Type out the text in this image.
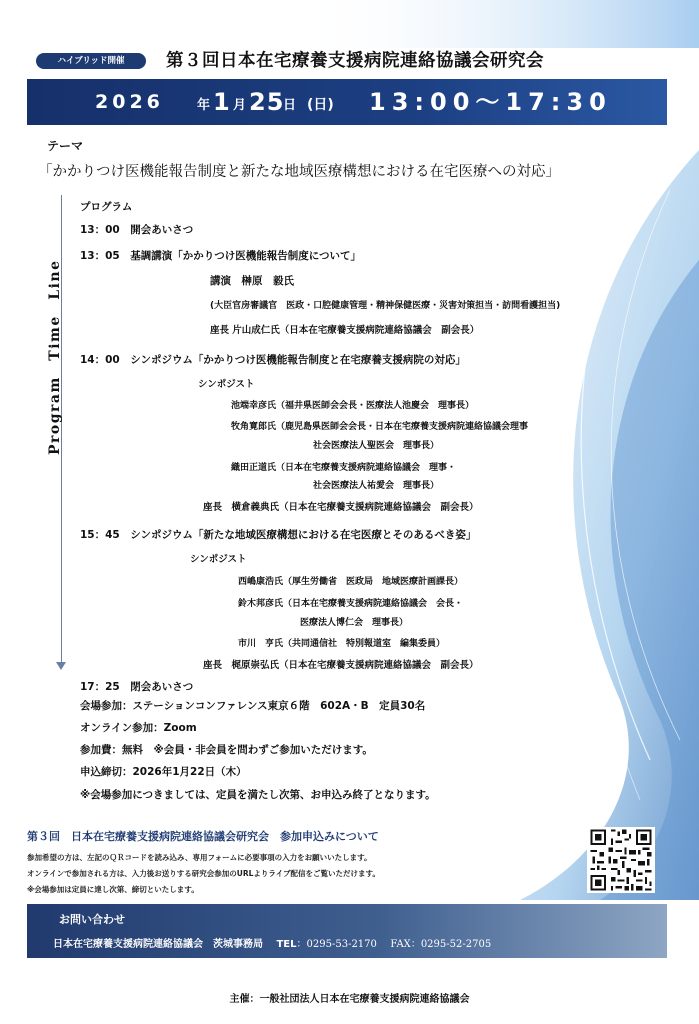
ハイブリッド開催	第３回日本在宅療養支援病院連絡協議会研究会
2026	年 1 月 25
日 (日) 13:00〜17:30
テーマ
「かかりつけ医機能報告制度と新たな地域医療構想における在宅医療への対応」
Program　Time　Line
プログラム
13：00　開会あいさつ
13：05　基調講演「かかりつけ医機能報告制度について」
講演　榊原　毅氏
(大臣官房審議官　医政・口腔健康管理・精神保健医療・災害対策担当・訪問看護担当)
座長 片山成仁氏（日本在宅療養支援病院連絡協議会　副会長）
14：00　シンポジウム「かかりつけ医機能報告制度と在宅療養支援病院の対応」
シンポジスト
池端幸彦氏（福井県医師会会長・医療法人池慶会　理事長）
牧角寛郎氏（鹿児島県医師会会長・日本在宅療養支援病院連絡協議会理事
社会医療法人聖医会　理事長）
織田正道氏（日本在宅療養支援病院連絡協議会　理事・
社会医療法人祐愛会　理事長）
座長　横倉義典氏（日本在宅療養支援病院連絡協議会　副会長）
15：45　シンポジウム「新たな地域医療構想における在宅医療とそのあるべき姿」
シンポジスト
西嶋康浩氏（厚生労働省　医政局　地域医療計画課長）
鈴木邦彦氏（日本在宅療養支援病院連絡協議会　会長・
医療法人博仁会　理事長）
市川　亨氏（共同通信社　特別報道室　編集委員）
座長　梶原崇弘氏（日本在宅療養支援病院連絡協議会　副会長）
17：25　閉会あいさつ
会場参加：ステーションコンファレンス東京６階　602A・B　定員30名
オンライン参加：Zoom
参加費：無料　※会員・非会員を問わずご参加いただけます。
申込締切：2026年1月22日（木）
※会場参加につきましては、定員を満たし次第、お申込み終了となります。
第３回　日本在宅療養支援病院連絡協議会研究会　参加申込みについて
参加希望の方は、左記のＱＲコードを読み込み、専用フォームに必要事項の入力をお願いいたします。
オンラインで参加される方は、入力後お送りする研究会参加のURLよりライブ配信をご覧いただけます。
※会場参加は定員に達し次第、締切といたします。
お問い合わせ
日本在宅療養支援病院連絡協議会　茨城事務局　 TEL：0295-53-2170　 FAX：0295-52-2705
主催：一般社団法人日本在宅療養支援病院連絡協議会
